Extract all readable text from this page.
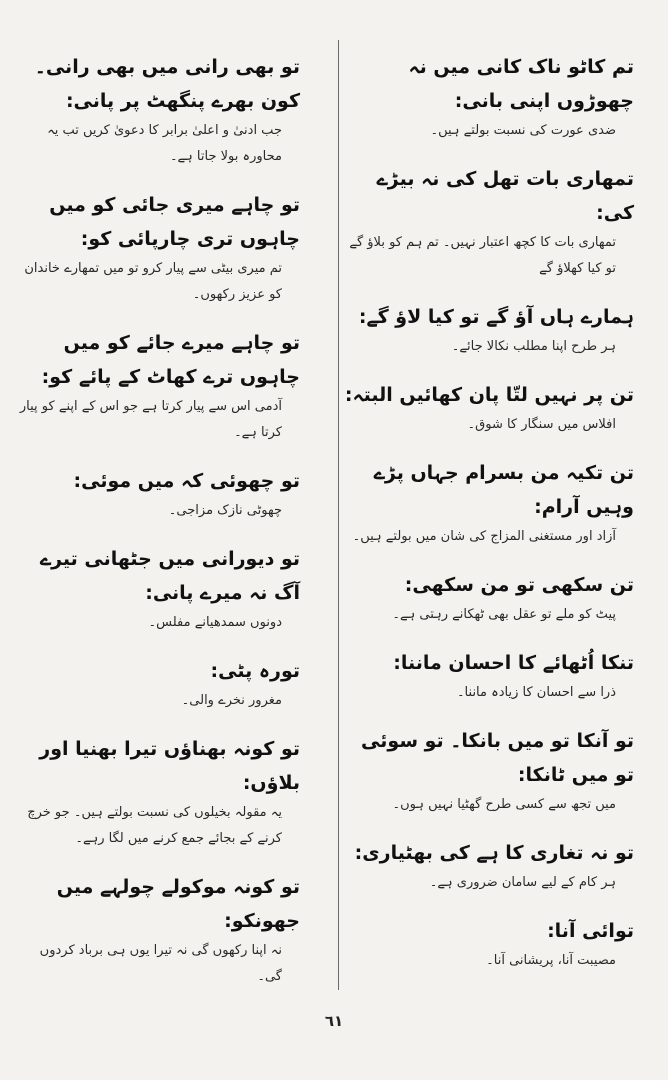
تم کاٹو ناک کانی میں نہ چھوڑوں اپنی بانی:
ضدی عورت کی نسبت بولتے ہیں۔
تمھاری بات تھل کی نہ بیڑے کی:
تمھاری بات کا کچھ اعتبار نہیں۔ تم ہم کو بلاؤ گے تو کیا کھلاؤ گے
ہمارے ہاں آؤ گے تو کیا لاؤ گے:
ہر طرح اپنا مطلب نکالا جائے۔
تن پر نہیں لتّا پان کھائیں البتہ:
افلاس میں سنگار کا شوق۔
تن تکیہ من بسرام جہاں پڑے وہیں آرام:
آزاد اور مستغنی المزاج کی شان میں بولتے ہیں۔
تن سکھی تو من سکھی:
پیٹ کو ملے تو عقل بھی ٹھکانے رہتی ہے۔
تنکا اُٹھائے کا احسان ماننا:
ذرا سے احسان کا زیادہ ماننا۔
تو آنکا تو میں بانکا۔ تو سوئی تو میں ٹانکا:
میں تجھ سے کسی طرح گھٹیا نہیں ہوں۔
تو نہ تغاری کا ہے کی بھٹیاری:
ہر کام کے لیے سامان ضروری ہے۔
توائی آنا:
مصیبت آنا، پریشانی آنا۔
تو بھی رانی میں بھی رانی۔ کون بھرے پنگھٹ پر پانی:
جب ادنیٰ و اعلیٰ برابر کا دعویٰ کریں تب یہ محاورہ بولا جاتا ہے۔
تو چاہے میری جائی کو میں چاہوں تری چارپائی کو:
تم میری بیٹی سے پیار کرو تو میں تمھارے خاندان کو عزیز رکھوں۔
تو چاہے میرے جائے کو میں چاہوں ترے کھاٹ کے پائے کو:
آدمی اس سے پیار کرتا ہے جو اس کے اپنے کو پیار کرتا ہے۔
تو چھوئی کہ میں موئی:
چھوٹی نازک مزاجی۔
تو دیورانی میں جٹھانی تیرے آگ نہ میرے پانی:
دونوں سمدھیانے مفلس۔
تورہ پٹی:
مغرور نخرے والی۔
تو کونہ بھناؤں تیرا بھنیا اور بلاؤں:
یہ مقولہ بخیلوں کی نسبت بولتے ہیں۔ جو خرچ کرنے کے بجائے جمع کرنے میں لگا رہے۔
تو کونہ موکولے چولہے میں جھونکو:
نہ اپنا رکھوں گی نہ تیرا یوں ہی برباد کردوں گی۔
٦١
